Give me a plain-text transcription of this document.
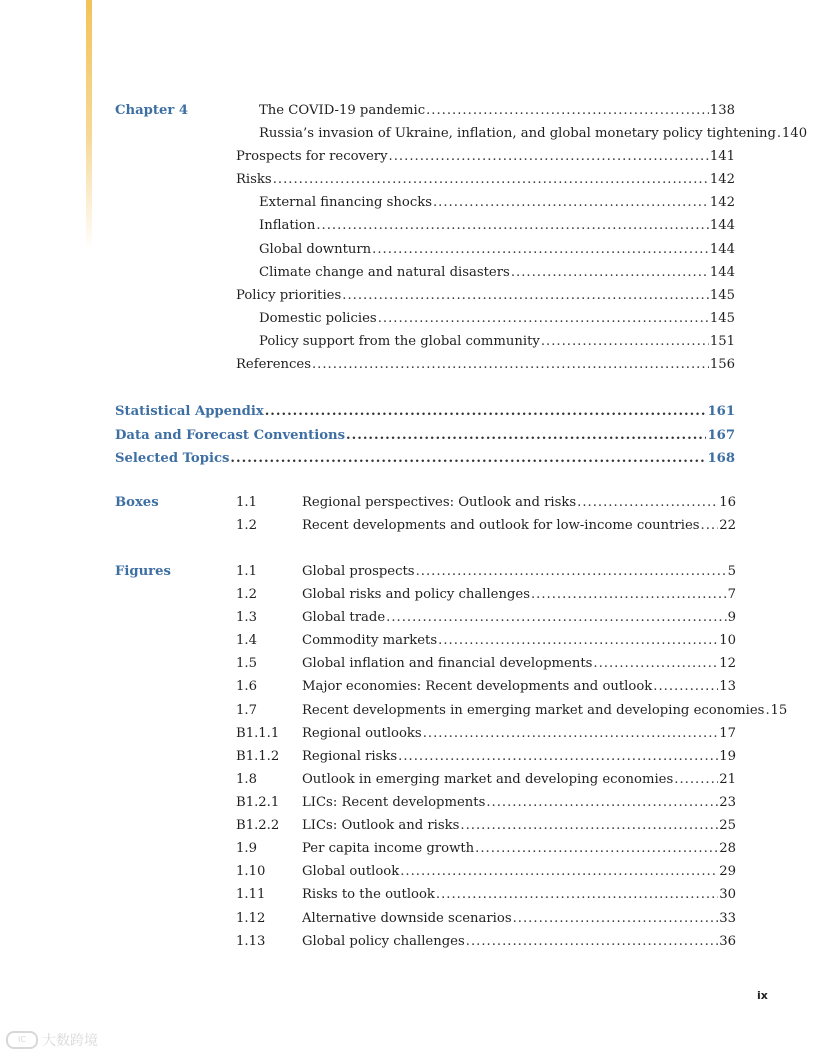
Chapter 4	The COVID-19 pandemic .....	138
Russia’s invasion of Ukraine, inflation, and global monetary policy tightening ..... 140
Prospects for recovery .....	141
Risks .....	142
External financing shocks .....	142
Inflation .....	144
Global downturn .....	144
Climate change and natural disasters .....	144
Policy priorities .....	145
Domestic policies .....	145
Policy support from the global community .....	151
References .....	156
Statistical Appendix .....	161
Data and Forecast Conventions .....	167
Selected Topics .....	168
Boxes	1.1	Regional perspectives: Outlook and risks .....	16
1.2	Recent developments and outlook for low-income countries ..... 22
Figures	1.1	Global prospects .....	5
1.2	Global risks and policy challenges .....	7
1.3	Global trade .....	9
1.4	Commodity markets .....	10
1.5	Global inflation and financial developments .....	12
1.6	Major economies: Recent developments and outlook .....	13
1.7	Recent developments in emerging market and developing economies ..... 15
B1.1.1 Regional outlooks .....	17
B1.1.2 Regional risks .....	19
1.8	Outlook in emerging market and developing economies .....	21
B1.2.1 LICs: Recent developments .....	23
B1.2.2 LICs: Outlook and risks .....	25
1.9	Per capita income growth .....	28
1.10	Global outlook .....	29
1.11	Risks to the outlook .....	30
1.12	Alternative downside scenarios .....	33
1.13	Global policy challenges .....	36
ix
IC	大数跨境
